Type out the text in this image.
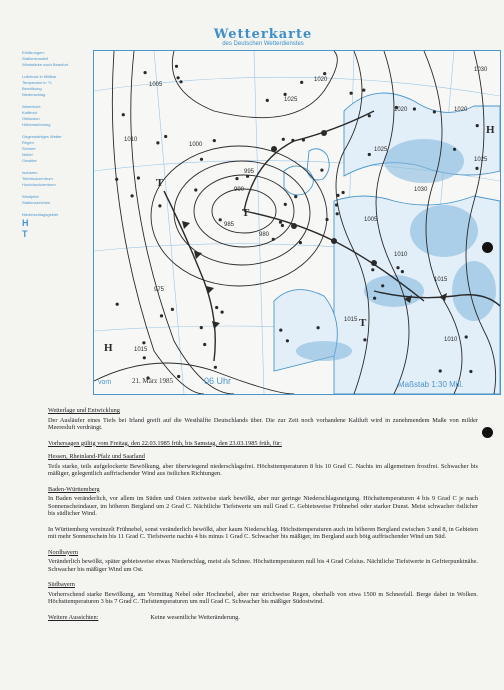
Wetterkarte
des Deutschen Wetterdienstes
Erklärungen:
Stationsmodell
Windstärke nach Beaufort

Luftdruck in Millibar
Temperatur in °C
Bewölkung
Niederschlag

Warmfront
Kaltfront
Okklusion
Höhenströmung

Gegenwärtiges Wetter
Regen
Schnee
Nebel
Gewitter

Isobaren
Tiefdruckzentrum
Hochdruckzentrum

Windpfeil
Stationszeichen

Niederschlagsgebiet
H
T
1005
1000
995
990
985
980
975
1010
1015
1020
1025
1030
1005
1010
1015
1020
1025
1010
1015
1020
1025
1030
T
T
T
H
H
vom	21. März 1985	06 Uhr	Maßstab 1:30 Mill.
Wetterlage und Entwicklung
Der Ausläufer eines Tiefs bei Irland greift auf die Westhälfte Deutschlands über. Die zur Zeit noch vorhandene Kaltluft wird in zunehmendem Maße von milder Meeresluft verdrängt.
Vorhersagen gültig vom Freitag, den 22.03.1985 früh, bis Samstag, den 23.03.1985 früh, für:
Hessen, Rheinland-Pfalz und Saarland
Teils starke, teils aufgelockerte Bewölkung, aber überwiegend niederschlagsfrei. Höchsttemperaturen 8 bis 10 Grad C. Nachts im allgemeinen frostfrei. Schwacher bis mäßiger, gelegentlich auffrischender Wind aus östlichen Richtungen.
Baden-Württemberg
In Baden veränderlich, vor allem im Süden und Osten zeitweise stark bewölkt, aber nur geringe Niederschlagsneigung. Höchsttemperaturen 4 bis 9 Grad C je nach Sonnenscheindauer, im höheren Bergland um 2 Grad C. Nächtliche Tiefstwerte um null Grad C. Gebietsweise Frühnebel oder starker Dunst. Meist schwacher östlicher bis südlicher Wind.
In Württemberg vereinzelt Frühnebel, sonst veränderlich bewölkt, aber kaum Niederschlag. Höchsttemperaturen auch im höheren Bergland zwischen 3 und 8, in Gebieten mit mehr Sonnenschein bis 11 Grad C. Tiefstwerte nachts 4 bis minus 1 Grad C. Schwacher bis mäßiger, im Bergland auch böig auffrischender Wind um Süd.
Nordbayern
Veränderlich bewölkt, später gebietsweise etwas Niederschlag, meist als Schnee. Höchsttemperaturen null bis 4 Grad Celsius. Nächtliche Tiefstwerte in Gefrierpunktnähe. Schwacher bis mäßiger Wind um Ost.
Südbayern
Vorherrschend starke Bewölkung, am Vormittag Nebel oder Hochnebel, aber nur strichweise Regen, oberhalb von etwa 1500 m Schneefall. Berge dabei in Wolken. Höchsttemperaturen 3 bis 7 Grad C. Tiefsttemperaturen um null Grad C. Schwacher bis mäßiger Südostwind.
Weitere Aussichten:	Keine wesentliche Wetteränderung.
